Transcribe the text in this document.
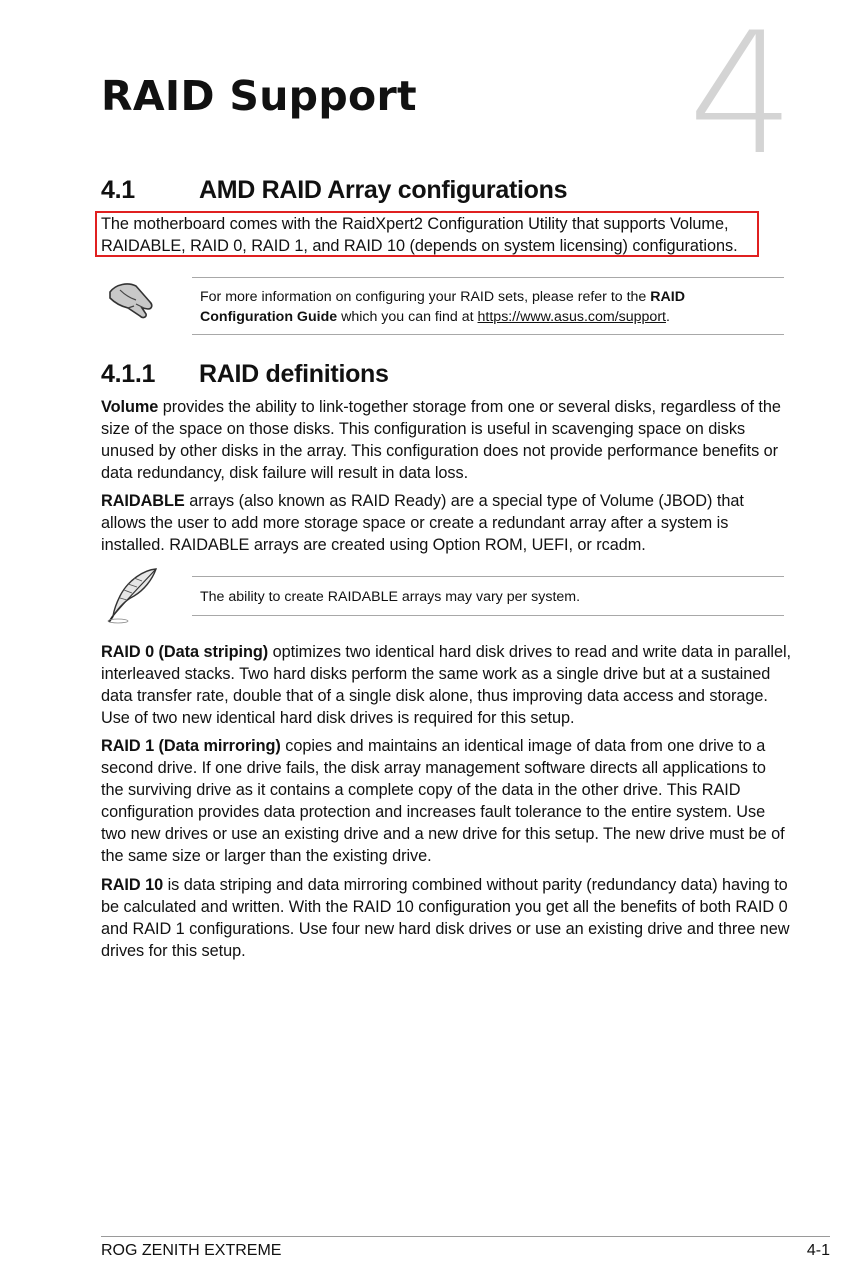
4
RAID Support
4.1	AMD RAID Array configurations

The motherboard comes with the RaidXpert2 Configuration Utility that supports Volume, RAIDABLE, RAID 0, RAID 1, and RAID 10 (depends on system licensing) configurations.

For more information on configuring your RAID sets, please refer to the RAID Configuration Guide which you can find at https://www.asus.com/support.

4.1.1 RAID definitions

Volume provides the ability to link-together storage from one or several disks, regardless of the size of the space on those disks. This configuration is useful in scavenging space on disks unused by other disks in the array. This configuration does not provide performance benefits or data redundancy, disk failure will result in data loss.

RAIDABLE arrays (also known as RAID Ready) are a special type of Volume (JBOD) that allows the user to add more storage space or create a redundant array after a system is installed. RAIDABLE arrays are created using Option ROM, UEFI, or rcadm.

The ability to create RAIDABLE arrays may vary per system.

RAID 0 (Data striping) optimizes two identical hard disk drives to read and write data in parallel, interleaved stacks. Two hard disks perform the same work as a single drive but at a sustained data transfer rate, double that of a single disk alone, thus improving data access and storage. Use of two new identical hard disk drives is required for this setup.

RAID 1 (Data mirroring) copies and maintains an identical image of data from one drive to a second drive. If one drive fails, the disk array management software directs all applications to the surviving drive as it contains a complete copy of the data in the other drive. This RAID configuration provides data protection and increases fault tolerance to the entire system. Use two new drives or use an existing drive and a new drive for this setup. The new drive must be of the same size or larger than the existing drive.

RAID 10 is data striping and data mirroring combined without parity (redundancy data) having to be calculated and written. With the RAID 10 configuration you get all the benefits of both RAID 0 and RAID 1 configurations. Use four new hard disk drives or use an existing drive and three new drives for this setup.

ROG ZENITH EXTREME	4-1
